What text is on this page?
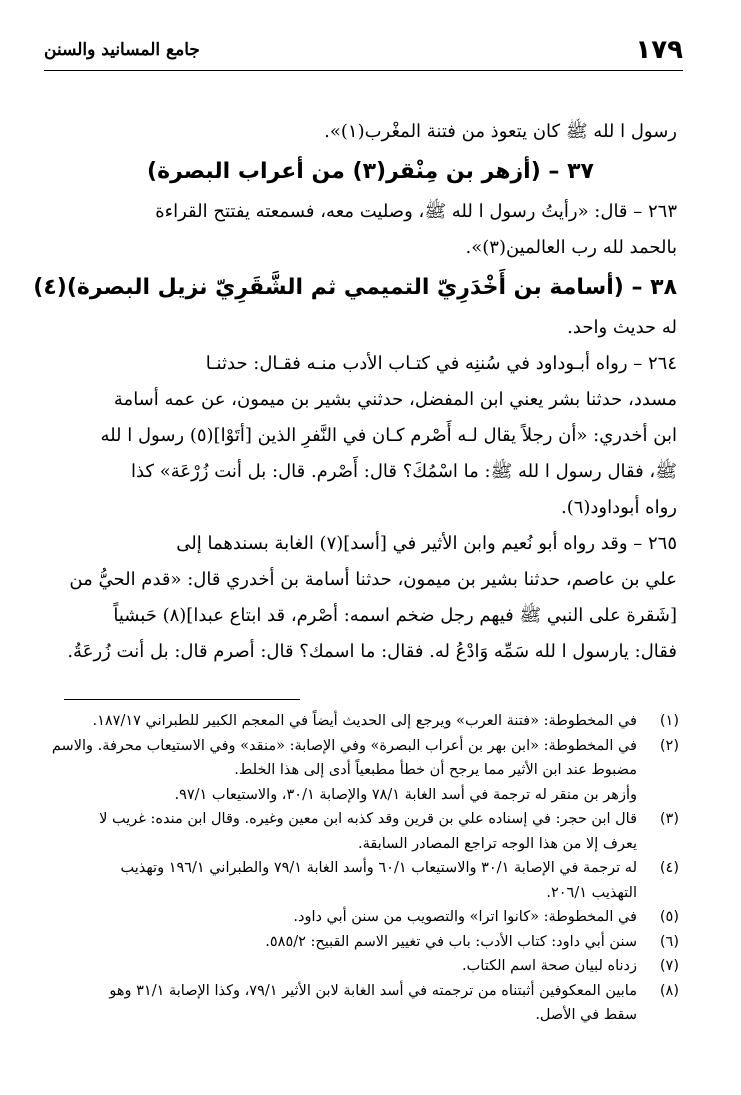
١٧٩
جامع المسانيد والسنن
رسول ا لله ﷺ كان يتعوذ من فتنة المغْرب(١)».
٣٧ – (أزهر بن مِنْقر(٣) من أعراب البصرة)
٢٦٣ – قال: «رأيتُ رسول ا لله ﷺ، وصليت معه، فسمعته يفتتح القراءة
بالحمد لله رب العالمين(٣)».
٣٨ – (أسامة بن أَخْدَرِيّ التميمي ثم الشَّقَرِيّ نزيل البصرة)(٤)
له حديث واحد.
٢٦٤ – رواه أبـوداود في سُننِه في كتـاب الأدب منـه فقـال: حدثنـا
مسدد، حدثنا بشر يعني ابن المفضل، حدثني بشير بن ميمون، عن عمه أسامة
ابن أخدري: «أن رجلاً يقال لـه أَصْرم كـان في النَّفرِ الذين [أتَوْا](٥) رسول ا لله
ﷺ، فقال رسول ا لله ﷺ: ما اسْمُكَ؟ قال: أَصْرم. قال: بل أنت زُرْعَة» كذا
رواه أبوداود(٦).
٢٦٥ – وقد رواه أبو نُعيم وابن الأثير في [أسد](٧) الغابة بسندهما إلى
علي بن عاصم، حدثنا بشير بن ميمون، حدثنا أسامة بن أخدري قال: «قدم الحيُّ من
[شَقرة على النبي ﷺ فيهم رجل ضخم اسمه: أصْرم، قد ابتاع عبدا](٨) حَبشياً
فقال: يارسول ا لله سَمِّه وَادْعُ له. فقال: ما اسمك؟ قال: أصرم قال: بل أنت زُرعَةُ.
(١)
في المخطوطة: «فتنة العرب» ويرجع إلى الحديث أيضاً في المعجم الكبير للطبراني ١٨٧/١٧.
(٢)
في المخطوطة: «ابن بهر بن أعراب البصرة» وفي الإصابة: «منقد» وفي الاستيعاب محرفة. والاسم
مضبوط عند ابن الأثير مما يرجح أن خطأ مطبعياً أدى إلى هذا الخلط.
وأزهر بن منقر له ترجمة في أسد الغابة ٧٨/١ والإصابة ٣٠/١، والاستيعاب ٩٧/١.
(٣)
قال ابن حجر: في إسناده علي بن قرين وقد كذبه ابن معين وغيره. وقال ابن منده: غريب لا
يعرف إلا من هذا الوجه تراجع المصادر السابقة.
(٤)
له ترجمة في الإصابة ٣٠/١ والاستيعاب ٦٠/١ وأسد الغابة ٧٩/١ والطبراني ١٩٦/١ وتهذيب
التهذيب ٢٠٦/١.
(٥)
في المخطوطة: «كانوا اترا» والتصويب من سنن أبي داود.
(٦)
سنن أبي داود: كتاب الأدب: باب في تغيير الاسم القبيح: ٥٨٥/٢.
(٧)
زدناه لبيان صحة اسم الكتاب.
(٨)
مابين المعكوفين أثبتناه من ترجمته في أسد الغابة لابن الأثير ٧٩/١، وكذا الإصابة ٣١/١ وهو
سقط في الأصل.
